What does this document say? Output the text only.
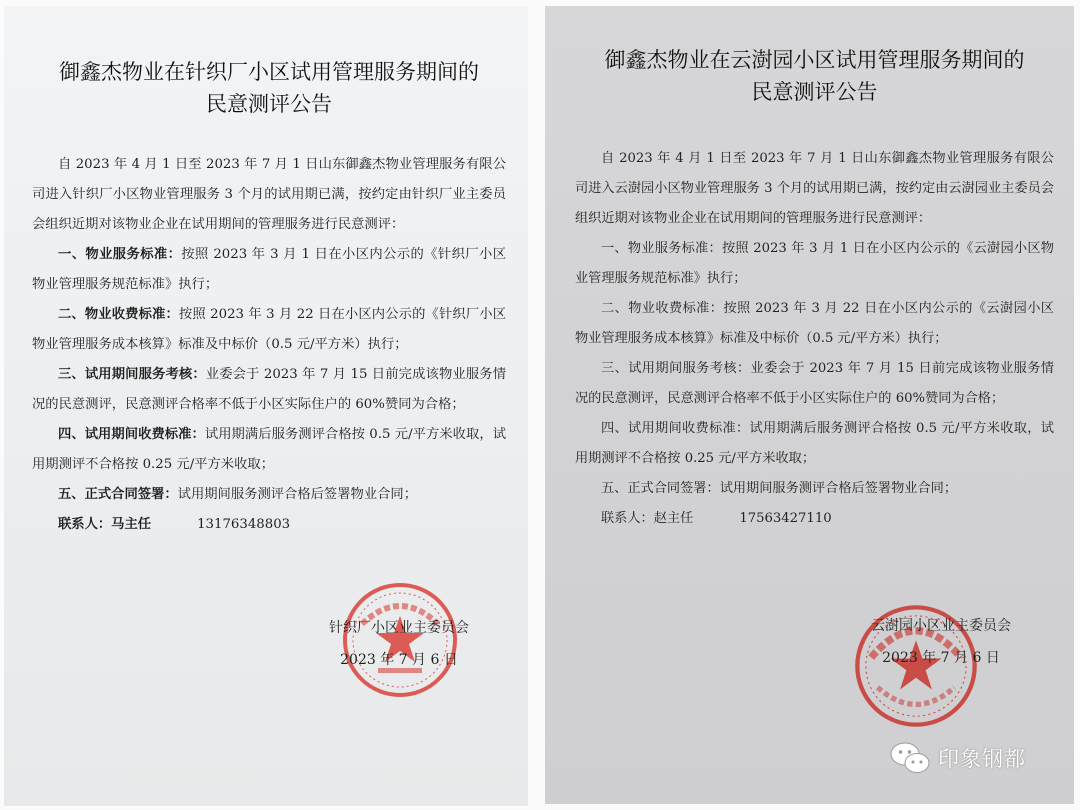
御鑫杰物业在针织厂小区试用管理服务期间的
民意测评公告

自 2023 年 4 月 1 日至 2023 年 7 月 1 日山东御鑫杰物业管理服务有限公司进入针织厂小区物业管理服务 3 个月的试用期已满，按约定由针织厂业主委员会组织近期对该物业企业在试用期间的管理服务进行民意测评：

一、物业服务标准：按照 2023 年 3 月 1 日在小区内公示的《针织厂小区物业管理服务规范标准》执行；

二、物业收费标准：按照 2023 年 3 月 22 日在小区内公示的《针织厂小区物业管理服务成本核算》标准及中标价（0.5 元/平方米）执行；

三、试用期间服务考核：业委会于 2023 年 7 月 15 日前完成该物业服务情况的民意测评，民意测评合格率不低于小区实际住户的 60%赞同为合格；

四、试用期间收费标准：试用期满后服务测评合格按 0.5 元/平方米收取，试用期测评不合格按 0.25 元/平方米收取；

五、正式合同签署：试用期间服务测评合格后签署物业合同；

联系人：马主任	13176348803

针织厂小区业主委员会
2023 年 7 月 6 日
御鑫杰物业在云澍园小区试用管理服务期间的
民意测评公告

自 2023 年 4 月 1 日至 2023 年 7 月 1 日山东御鑫杰物业管理服务有限公司进入云澍园小区物业管理服务 3 个月的试用期已满，按约定由云澍园业主委员会组织近期对该物业企业在试用期间的管理服务进行民意测评：

一、物业服务标准：按照 2023 年 3 月 1 日在小区内公示的《云澍园小区物业管理服务规范标准》执行；

二、物业收费标准：按照 2023 年 3 月 22 日在小区内公示的《云澍园小区物业管理服务成本核算》标准及中标价（0.5 元/平方米）执行；

三、试用期间服务考核：业委会于 2023 年 7 月 15 日前完成该物业服务情况的民意测评，民意测评合格率不低于小区实际住户的 60%赞同为合格；

四、试用期间收费标准：试用期满后服务测评合格按 0.5 元/平方米收取，试用期测评不合格按 0.25 元/平方米收取；

五、正式合同签署：试用期间服务测评合格后签署物业合同；

联系人：赵主任	17563427110

云澍园小区业主委员会
2023 年 7 月 6 日
印象钢都
